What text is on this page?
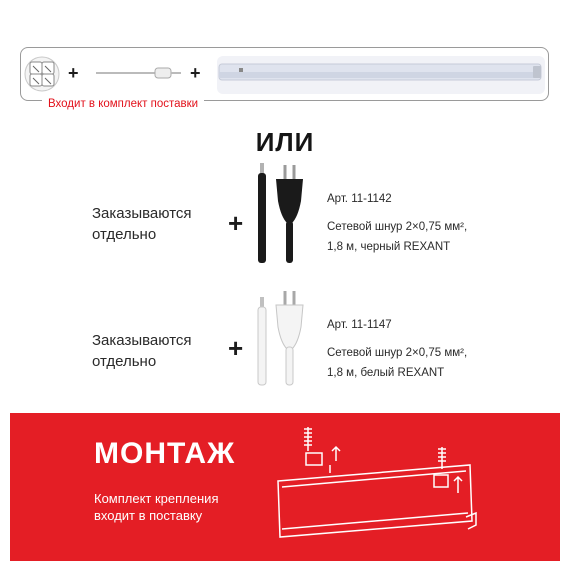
+	+
Входит в комплект поставки
ИЛИ
Заказываются
отдельно	+
Арт. 11-1142
Сетевой шнур 2×0,75 мм²,
1,8 м, черный REXANT
Заказываются
отдельно	+
Арт. 11-1147
Сетевой шнур 2×0,75 мм²,
1,8 м, белый REXANT
МОНТАЖ
Комплект крепления
входит в поставку
